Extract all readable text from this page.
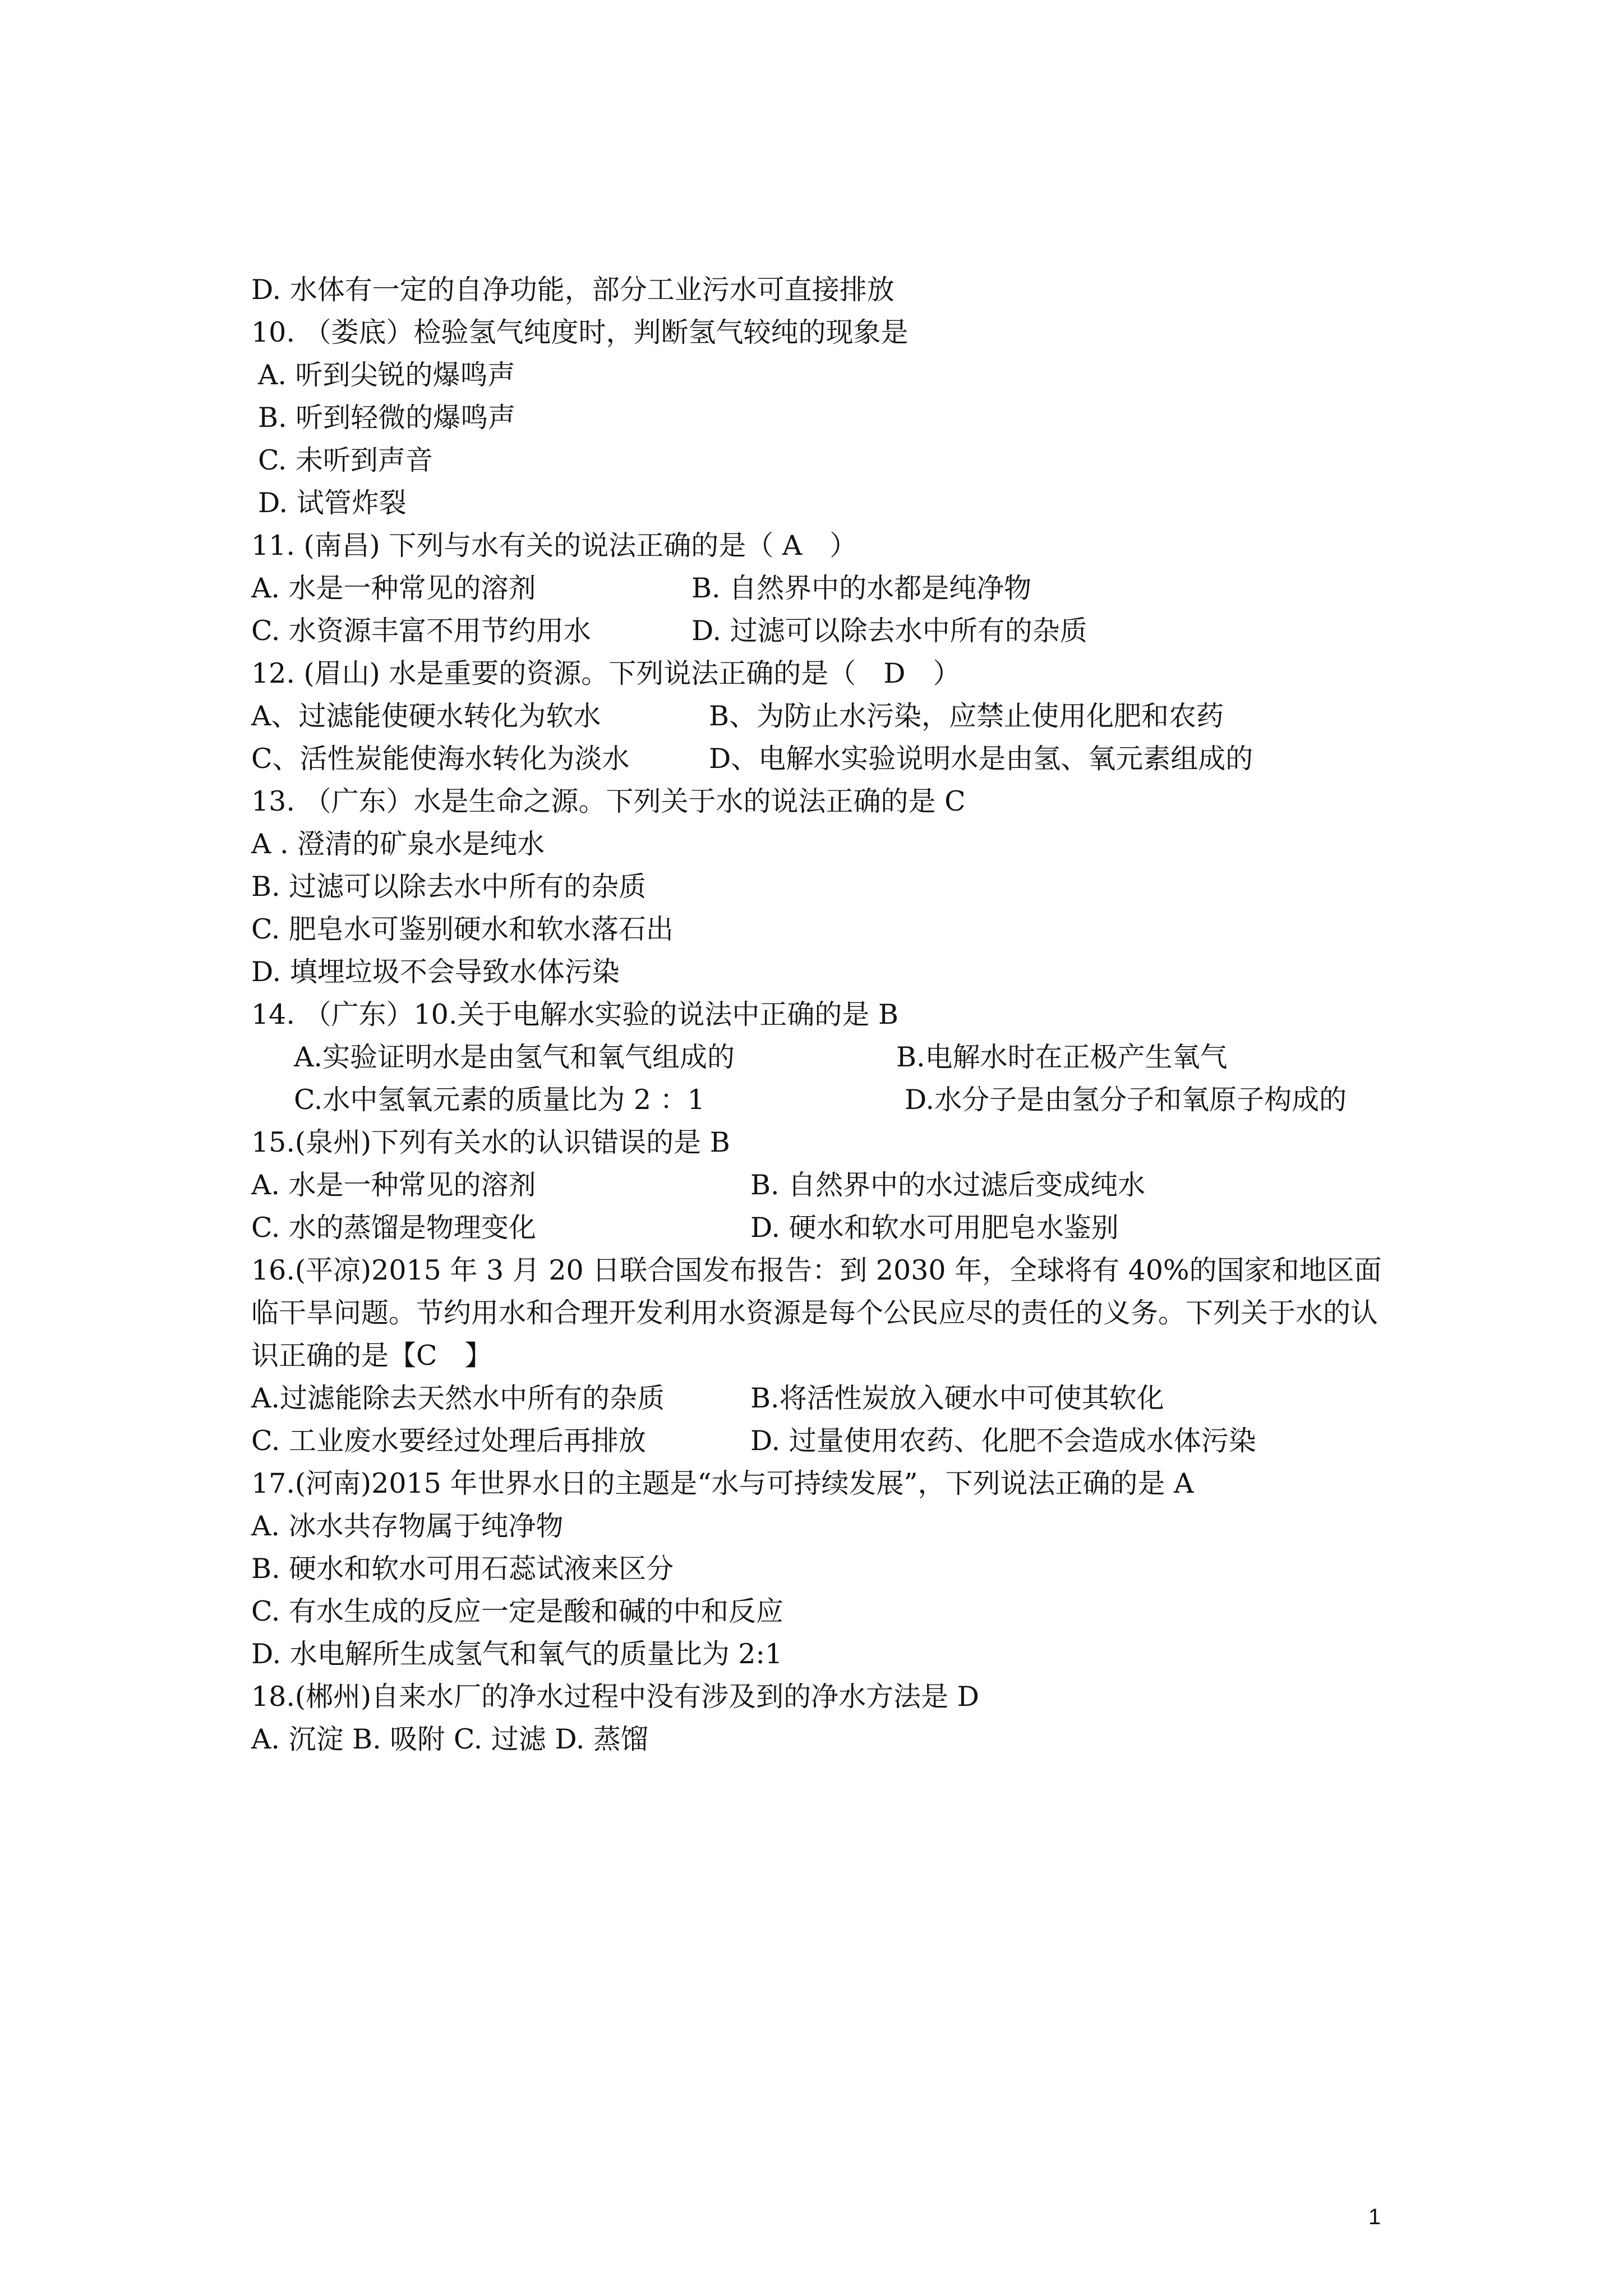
D. 水体有一定的自净功能，部分工业污水可直接排放
10. （娄底）检验氢气纯度时，判断氢气较纯的现象是
A. 听到尖锐的爆鸣声
B. 听到轻微的爆鸣声
C. 未听到声音
D. 试管炸裂
11. (南昌) 下列与水有关的说法正确的是（ A　）
A. 水是一种常见的溶剂	B. 自然界中的水都是纯净物
C. 水资源丰富不用节约用水	D. 过滤可以除去水中所有的杂质
12. (眉山) 水是重要的资源。下列说法正确的是（　D　）
A、过滤能使硬水转化为软水	B、为防止水污染，应禁止使用化肥和农药
C、活性炭能使海水转化为淡水	D、电解水实验说明水是由氢、氧元素组成的
13. （广东）水是生命之源。下列关于水的说法正确的是 C
A . 澄清的矿泉水是纯水
B. 过滤可以除去水中所有的杂质
C. 肥皂水可鉴别硬水和软水落石出
D. 填埋垃圾不会导致水体污染
14. （广东）10.关于电解水实验的说法中正确的是 B
A.实验证明水是由氢气和氧气组成的	B.电解水时在正极产生氧气
C.水中氢氧元素的质量比为 2 ：1	D.水分子是由氢分子和氧原子构成的
15.(泉州)下列有关水的认识错误的是 B
A. 水是一种常见的溶剂	B. 自然界中的水过滤后变成纯水
C. 水的蒸馏是物理变化	D. 硬水和软水可用肥皂水鉴别
16.(平凉)2015 年 3 月 20 日联合国发布报告：到 2030 年，全球将有 40%的国家和地区面临干旱问题。节约用水和合理开发利用水资源是每个公民应尽的责任的义务。下列关于水的认识正确的是【C　】
A.过滤能除去天然水中所有的杂质	B.将活性炭放入硬水中可使其软化
C. 工业废水要经过处理后再排放	D. 过量使用农药、化肥不会造成水体污染
17.(河南)2015 年世界水日的主题是“水与可持续发展”，下列说法正确的是 A
A. 冰水共存物属于纯净物
B. 硬水和软水可用石蕊试液来区分
C. 有水生成的反应一定是酸和碱的中和反应
D. 水电解所生成氢气和氧气的质量比为 2:1
18.(郴州)自来水厂的净水过程中没有涉及到的净水方法是 D
A. 沉淀 B. 吸附 C. 过滤 D. 蒸馏
1
